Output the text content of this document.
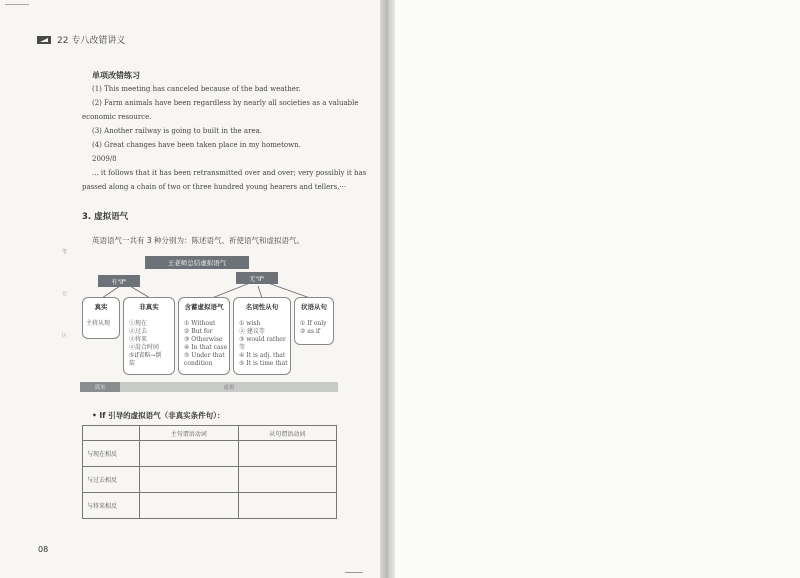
22 专八改错讲义
单项改错练习
(1) This meeting has canceled because of the bad weather.
(2) Farm animals have been regardless by nearly all societies as a valuable
economic resource.
(3) Another railway is going to built in the area.
(4) Great changes have been taken place in my hometown.
2009/8
... it follows that it has been retransmitted over and over; very possibly it has
passed along a chain of two or three hundred young hearers and tellers,···
3. 虚拟语气
英语语气一共有 3 种分别为：陈述语气、祈使语气和虚拟语气。
笔
记
区
王老师总结虚拟语气
有"if"	无"if"
真实
主将从现
非真实
①现在
②过去
③将来
④混合时间
⑤if省略→倒
装
含蓄虚拟语气
① Without
② But for
③ Otherwise
④ In that case
⑤ Under that
condition
名词性从句
① wish
② 建议等
③ would rather
等
④ It is adj. that
⑤ It is time that
状语从句
① If only
② as if
真实	虚拟
• If 引导的虚拟语气（非真实条件句）：
	主句谓语动词	从句谓语动词
与现在相反		
与过去相反		
与将来相反		
08
